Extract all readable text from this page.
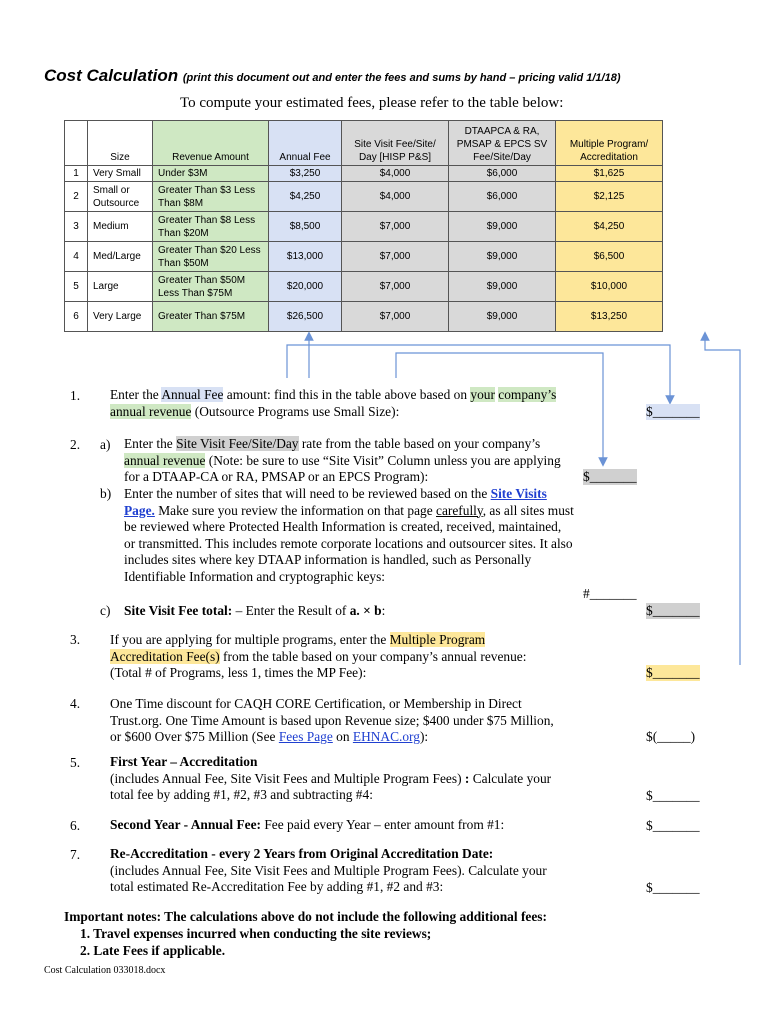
Cost Calculation (print this document out and enter the fees and sums by hand – pricing valid 1/1/18)
To compute your estimated fees, please refer to the table below:
	Size	Revenue Amount	Annual Fee	Site Visit Fee/Site/ Day [HISP P&S]	DTAAPCA & RA, PMSAP & EPCS SV Fee/Site/Day	Multiple Program/ Accreditation
1	Very Small	Under $3M	$3,250	$4,000	$6,000	$1,625
2	Small or Outsource	Greater Than $3 Less Than $8M	$4,250	$4,000	$6,000	$2,125
3	Medium	Greater Than $8 Less Than $20M	$8,500	$7,000	$9,000	$4,250
4	Med/Large	Greater Than $20 Less Than $50M	$13,000	$7,000	$9,000	$6,500
5	Large	Greater Than $50M Less Than $75M	$20,000	$7,000	$9,000	$10,000
6	Very Large	Greater Than $75M	$26,500	$7,000	$9,000	$13,250
1. Enter the Annual Fee amount: find this in the table above based on your company’s annual revenue (Outsource Programs use Small Size):	$_______
2. a)	Enter the Site Visit Fee/Site/Day rate from the table based on your company’s annual revenue (Note: be sure to use “Site Visit” Column unless you are applying for a DTAAP-CA or RA, PMSAP or an EPCS Program):	$_______
b) Enter the number of sites that will need to be reviewed based on the Site Visits Page. Make sure you review the information on that page carefully, as all sites must be reviewed where Protected Health Information is created, received, maintained, or transmitted. This includes remote corporate locations and outsourcer sites. It also includes sites where key DTAAP information is handled, such as Personally Identifiable Information and cryptographic keys:
#_______
c)	Site Visit Fee total: – Enter the Result of a. × b:	$_______
3. If you are applying for multiple programs, enter the Multiple Program Accreditation Fee(s) from the table based on your company’s annual revenue: (Total # of Programs, less 1, times the MP Fee):	$_______
4. One Time discount for CAQH CORE Certification, or Membership in Direct Trust.org. One Time Amount is based upon Revenue size; $400 under $75 Million, or $600 Over $75 Million (See Fees Page on EHNAC.org):	$(_____)
5. First Year – Accreditation
(includes Annual Fee, Site Visit Fees and Multiple Program Fees) : Calculate your total fee by adding #1, #2, #3 and subtracting #4:	$_______
6. Second Year - Annual Fee: Fee paid every Year – enter amount from #1:	$_______
7. Re-Accreditation - every 2 Years from Original Accreditation Date:
(includes Annual Fee, Site Visit Fees and Multiple Program Fees). Calculate your total estimated Re-Accreditation Fee by adding #1, #2 and #3:	$_______
Important notes: The calculations above do not include the following additional fees:
1. Travel expenses incurred when conducting the site reviews;
2. Late Fees if applicable.
Cost Calculation 033018.docx
